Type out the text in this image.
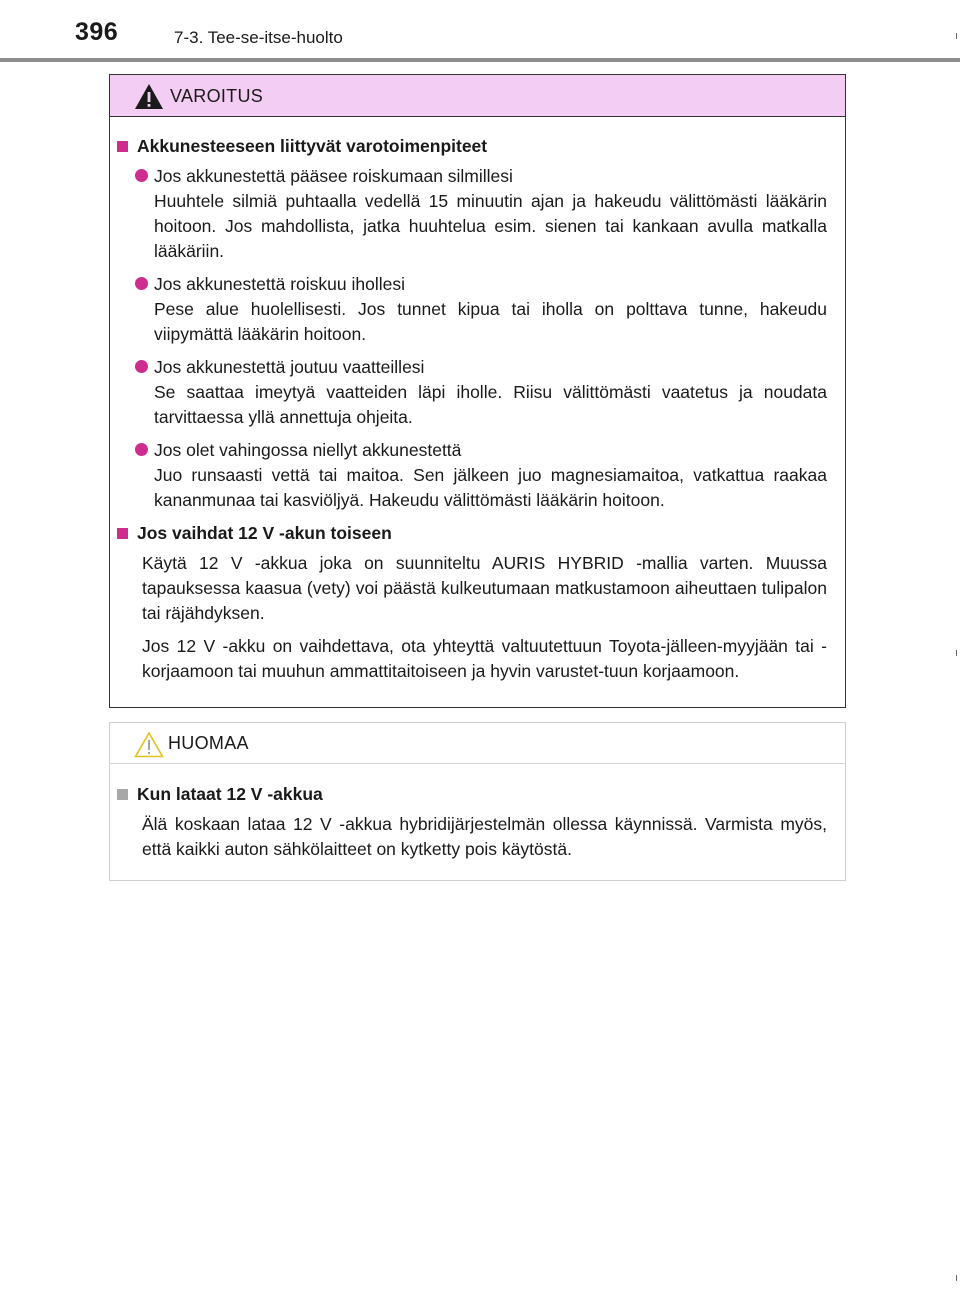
396	7-3. Tee-se-itse-huolto
VAROITUS
Akkunesteeseen liittyvät varotoimenpiteet
Jos akkunestettä pääsee roiskumaan silmillesi
Huuhtele silmiä puhtaalla vedellä 15 minuutin ajan ja hakeudu välittömästi lääkärin hoitoon. Jos mahdollista, jatka huuhtelua esim. sienen tai kankaan avulla matkalla lääkäriin.
Jos akkunestettä roiskuu ihollesi
Pese alue huolellisesti. Jos tunnet kipua tai iholla on polttava tunne, hakeudu viipymättä lääkärin hoitoon.
Jos akkunestettä joutuu vaatteillesi
Se saattaa imeytyä vaatteiden läpi iholle. Riisu välittömästi vaatetus ja noudata tarvittaessa yllä annettuja ohjeita.
Jos olet vahingossa niellyt akkunestettä
Juo runsaasti vettä tai maitoa. Sen jälkeen juo magnesiamaitoa, vatkattua raakaa kananmunaa tai kasviöljyä. Hakeudu välittömästi lääkärin hoitoon.
Jos vaihdat 12 V -akun toiseen
Käytä 12 V -akkua joka on suunniteltu AURIS HYBRID -mallia varten. Muussa tapauksessa kaasua (vety) voi päästä kulkeutumaan matkustamoon aiheuttaen tulipalon tai räjähdyksen.
Jos 12 V -akku on vaihdettava, ota yhteyttä valtuutettuun Toyota-jälleen-myyjään tai -korjaamoon tai muuhun ammattitaitoiseen ja hyvin varustet-tuun korjaamoon.
HUOMAA
Kun lataat 12 V -akkua
Älä koskaan lataa 12 V -akkua hybridijärjestelmän ollessa käynnissä. Varmista myös, että kaikki auton sähkölaitteet on kytketty pois käytöstä.
